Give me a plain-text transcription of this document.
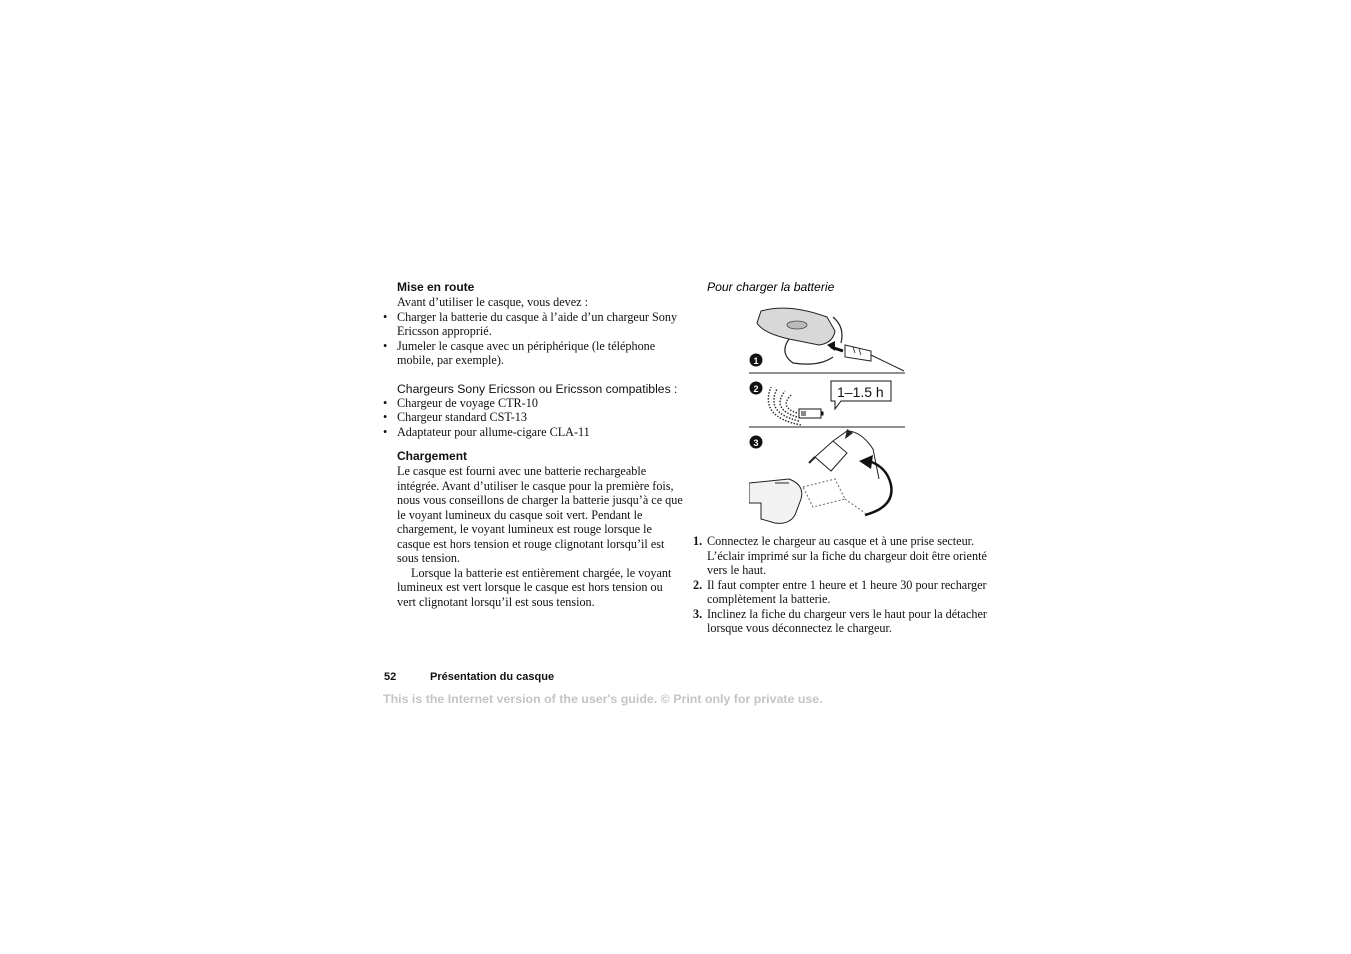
Mise en route
Avant d’utiliser le casque, vous devez :
• Charger la batterie du casque à l’aide d’un chargeur Sony Ericsson approprié.
• Jumeler le casque avec un périphérique (le téléphone mobile, par exemple).
Chargeurs Sony Ericsson ou Ericsson compatibles :
• Chargeur de voyage CTR-10
• Chargeur standard CST-13
• Adaptateur pour allume-cigare CLA-11
Chargement
Le casque est fourni avec une batterie rechargeable intégrée. Avant d’utiliser le casque pour la première fois, nous vous conseillons de charger la batterie jusqu’à ce que le voyant lumineux du casque soit vert. Pendant le chargement, le voyant lumineux est rouge lorsque le casque est hors tension et rouge clignotant lorsqu’il est sous tension.
Lorsque la batterie est entièrement chargée, le voyant lumineux est vert lorsque le casque est hors tension ou vert clignotant lorsqu’il est sous tension.
Pour charger la batterie
1
2	1–1.5 h
3
1. Connectez le chargeur au casque et à une prise secteur. L’éclair imprimé sur la fiche du chargeur doit être orienté vers le haut.
2. Il faut compter entre 1 heure et 1 heure 30 pour recharger complètement la batterie.
3. Inclinez la fiche du chargeur vers le haut pour la détacher lorsque vous déconnectez le chargeur.
52	Présentation du casque
This is the Internet version of the user's guide. © Print only for private use.
